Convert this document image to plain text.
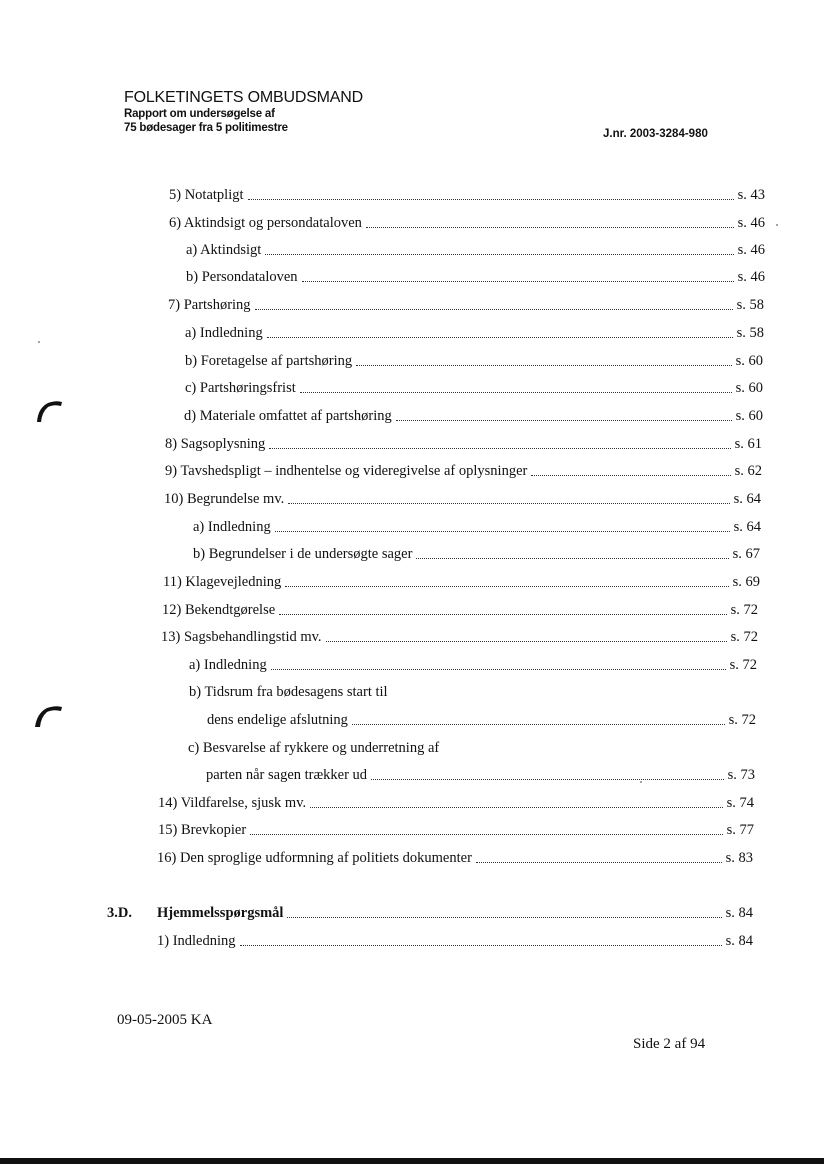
FOLKETINGETS OMBUDSMAND
Rapport om undersøgelse af
75 bødesager fra 5 politimestre	J.nr. 2003-3284-980
5) Notatpligt	s. 43
6) Aktindsigt og persondataloven	s. 46
a) Aktindsigt	s. 46
b) Persondataloven	s. 46
7) Partshøring	s. 58
a) Indledning	s. 58
b) Foretagelse af partshøring	s. 60
c) Partshøringsfrist	s. 60
d) Materiale omfattet af partshøring	s. 60
8) Sagsoplysning	s. 61
9) Tavshedspligt – indhentelse og videregivelse af oplysninger	s. 62
10) Begrundelse mv.	s. 64
a) Indledning	s. 64
b) Begrundelser i de undersøgte sager	s. 67
11) Klagevejledning	s. 69
12) Bekendtgørelse	s. 72
13) Sagsbehandlingstid mv.	s. 72
a) Indledning	s. 72
b) Tidsrum fra bødesagens start til
dens endelige afslutning	s. 72
c) Besvarelse af rykkere og underretning af
parten når sagen trækker ud	s. 73
14) Vildfarelse, sjusk mv.	s. 74
15) Brevkopier	s. 77
16) Den sproglige udformning af politiets dokumenter	s. 83
3.D. Hjemmelsspørgsmål	s. 84
1) Indledning	s. 84
09-05-2005 KA
Side 2 af 94
